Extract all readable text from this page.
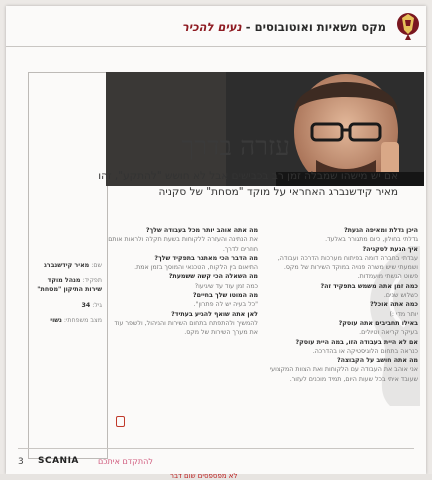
מקס משאיות ואוטובוסים - נעים להכיר
עזרה בדרך
אם יש מישהו שמבלה זמן רב בכבישים אבל לא חושש "להתקע", זהו מאיר קידשנברג האחראי על מוקד "מסחת" של סקניה

שם: מאיר קידשנברג

תפקיד: מנהל מוקד שירות התיקון "מסחת"

גיל: 34

מצב משפחתי: נשוי

היכן גדלת ומאיפה הגעת?

גדלתי בחולון, כיום מתגורר באלעד.

איך הגעת לסקניה?

עבדתי בחברה דומה בפיתוח מערכות הדרכה ועבודה, ושמעתי שיש משרה פנויה במוקד השירות של מקס. פשוט הגשתי מועמדות.

כמה זמן אתה משמש בתפקיד זה?

כשלוש שנים.

כמה אתה אוכל?

יותר מדי :)

באילו תחביבים אתה עוסק?

בעיקר קריאה וטיולים.

אם לא היית בעבודה הזו, במה היית עוסק?

כנראה בתחום הלוגיסטיקה או בהדרכה.

מה אתה חושב על הקבוצה?

אני אוהב את העבודה עם הלקוחות ואת הצוות המקצועי שעובד איתי בכל שעות היום, תמיד מוכנים לעזור.

מה אתה אוהב יותר מכל בעבודה שלך?

את הנתינה והעזרה ללקוחות בשעת תקלה ולראות אותם חוזרים לדרך.

מה הדבר הכי מאתגר בתפקיד שלך?

התיאום בין הלקוח, הטכנאי והמוסך בזמן אמת.

מה השאלה הכי קשה ששמעת?

כמה זמן עוד עד שיגיעו?

מה המוטו שלך בחיים?

"כל בעיה יש לה פתרון".

לאן אתה שואף להגיע בעתיד?

להמשיך ולהתפתח בתחום השירות והניהול, ולשפר עוד את מערך השירות של מקס.

3 SCANIA להתקדם איתכם
לא מפספסים שום דבר
